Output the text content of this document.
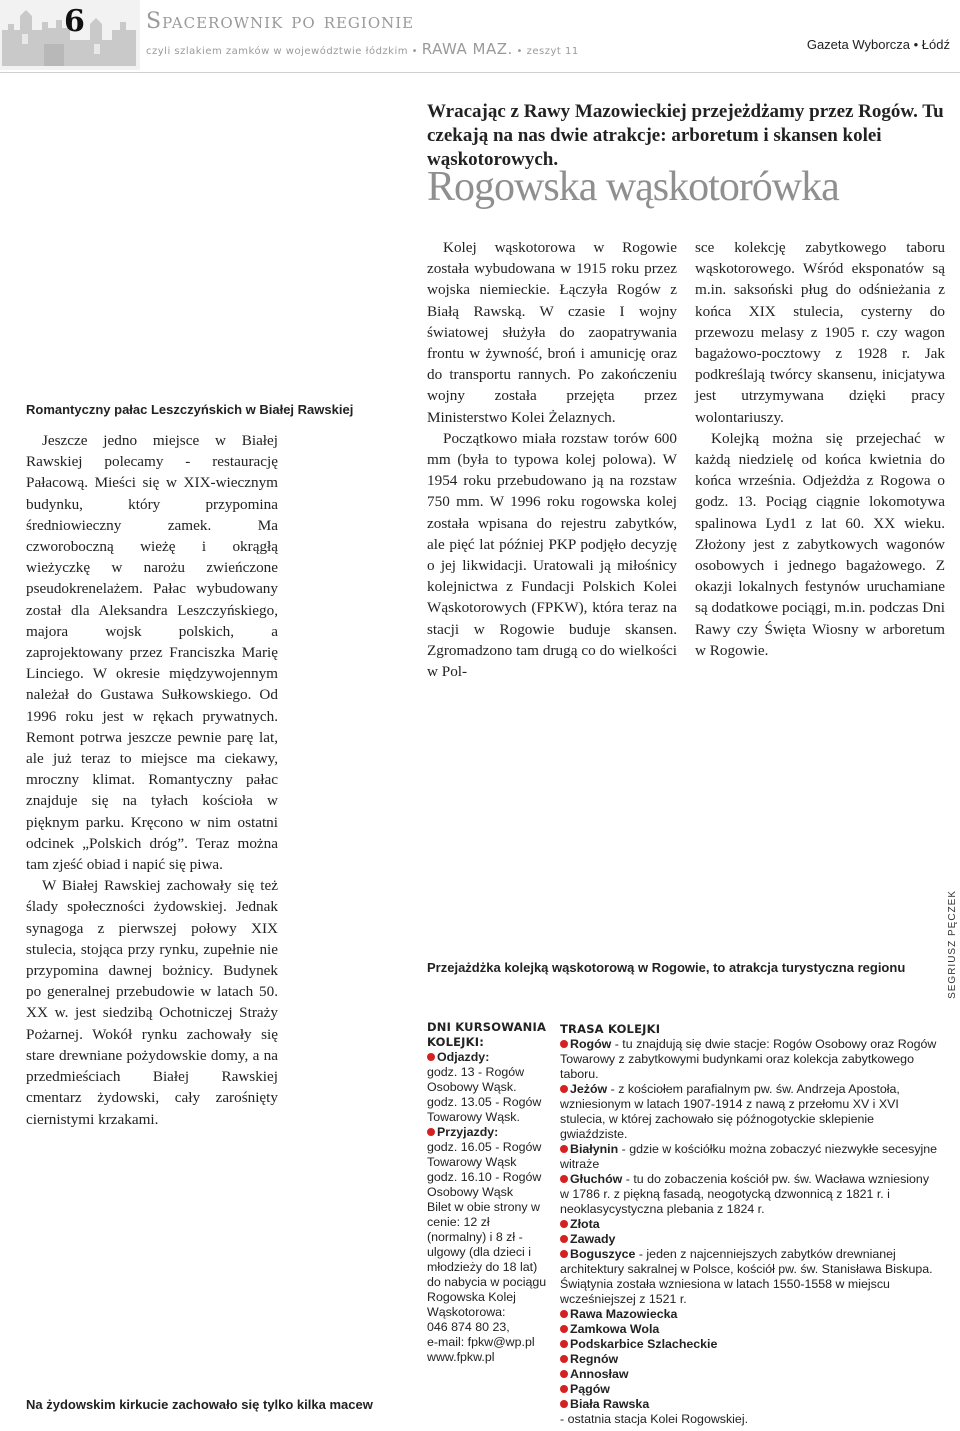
6	Spacerownik po regionie
czyli szlakiem zamków w województwie łódzkim • RAWA MAZ. • zeszyt 11	Gazeta Wyborcza • Łódź
Wracając z Rawy Mazowieckiej przejeżdżamy przez Rogów. Tu czekają na nas dwie atrakcje: arboretum i skansen kolei wąskotorowych.
Rogowska wąskotorówka
Romantyczny pałac Leszczyńskich w Białej Rawskiej
Przejażdżka kolejką wąskotorową w Rogowie, to atrakcja turystyczna regionu
Na żydowskim kirkucie zachowało się tylko kilka macew
SEGRIUSZ PĘCZEK

Jeszcze jedno miejsce w Białej Rawskiej polecamy - restaurację Pałacową. Mieści się w XIX-wiecznym budynku, który przypomina średniowieczny zamek. Ma czworoboczną wieżę i okrągłą wieżyczkę w narożu zwieńczone pseudokrenelażem. Pałac wybudowany został dla Aleksandra Leszczyńskiego, majora wojsk polskich, a zaprojektowany przez Franciszka Marię Linciego. W okresie międzywojennym należał do Gustawa Sułkowskiego. Od 1996 roku jest w rękach prywatnych. Remont potrwa jeszcze pewnie parę lat, ale już teraz to miejsce ma ciekawy, mroczny klimat. Romantyczny pałac znajduje się na tyłach kościoła w pięknym parku. Kręcono w nim ostatni odcinek „Polskich dróg”. Teraz można tam zjeść obiad i napić się piwa.

W Białej Rawskiej zachowały się też ślady społeczności żydowskiej. Jednak synagoga z pierwszej połowy XIX stulecia, stojąca przy rynku, zupełnie nie przypomina dawnej bożnicy. Budynek po generalnej przebudowie w latach 50. XX w. jest siedzibą Ochotniczej Straży Pożarnej. Wokół rynku zachowały się stare drewniane pożydowskie domy, a na przedmieściach Białej Rawskiej cmentarz żydowski, cały zarośnięty ciernistymi krzakami.

Kolej wąskotorowa w Rogowie została wybudowana w 1915 roku przez wojska niemieckie. Łączyła Rogów z Białą Rawską. W czasie I wojny światowej służyła do zaopatrywania frontu w żywność, broń i amunicję oraz do transportu rannych. Po zakończeniu wojny została przejęta przez Ministerstwo Kolei Żelaznych.

Początkowo miała rozstaw torów 600 mm (była to typowa kolej polowa). W 1954 roku przebudowano ją na rozstaw 750 mm. W 1996 roku rogowska kolej została wpisana do rejestru zabytków, ale pięć lat później PKP podjęło decyzję o jej likwidacji. Uratowali ją miłośnicy kolejnictwa z Fundacji Polskich Kolei Wąskotorowych (FPKW), która teraz na stacji w Rogowie buduje skansen. Zgromadzono tam drugą co do wielkości w Pol-

sce kolekcję zabytkowego taboru wąskotorowego. Wśród eksponatów są m.in. saksoński pług do odśnieżania z końca XIX stulecia, cysterny do przewozu melasy z 1905 r. czy wagon bagażowo-pocztowy z 1928 r. Jak podkreślają twórcy skansenu, inicjatywa jest utrzymywana dzięki pracy wolontariuszy.

Kolejką można się przejechać w każdą niedzielę od końca kwietnia do końca września. Odjeżdża z Rogowa o godz. 13. Pociąg ciągnie lokomotywa spalinowa Lyd1 z lat 60. XX wieku. Złożony jest z zabytkowych wagonów osobowych i jednego bagażowego. Z okazji lokalnych festynów uruchamiane są dodatkowe pociągi, m.in. podczas Dni Rawy czy Święta Wiosny w arboretum w Rogowie.

DNI KURSOWANIA KOLEJKI:
Odjazdy:
godz. 13 - Rogów Osobowy Wąsk. godz. 13.05 - Rogów Towarowy Wąsk.
Przyjazdy:
godz. 16.05 - Rogów Towarowy Wąsk godz. 16.10 - Rogów Osobowy Wąsk
Bilet w obie strony w cenie: 12 zł (normalny) i 8 zł - ulgowy (dla dzieci i młodzieży do 18 lat) do nabycia w pociągu Rogowska Kolej Wąskotorowa:
046 874 80 23,
e-mail: fpkw@wp.pl
www.fpkw.pl
TRASA KOLEJKI
Rogów - tu znajdują się dwie stacje: Rogów Osobowy oraz Rogów Towarowy z zabytkowymi budynkami oraz kolekcja zabytkowego taboru.
Jeżów - z kościołem parafialnym pw. św. Andrzeja Apostoła, wzniesionym w latach 1907-1914 z nawą z przełomu XV i XVI stulecia, w której zachowało się późnogotyckie sklepienie gwiaździste.
Białynin - gdzie w kościółku można zobaczyć niezwykłe secesyjne witraże
Głuchów - tu do zobaczenia kościół pw. św. Wacława wzniesiony w 1786 r. z piękną fasadą, neogotycką dzwonnicą z 1821 r. i neoklasycystyczna plebania z 1824 r.
Złota
Zawady
Boguszyce - jeden z najcenniejszych zabytków drewnianej architektury sakralnej w Polsce, kościół pw. św. Stanisława Biskupa. Świątynia została wzniesiona w latach 1550-1558 w miejscu wcześniejszej z 1521 r.
Rawa Mazowiecka
Zamkowa Wola
Podskarbice Szlacheckie
Regnów
Annosław
Pągów
Biała Rawska
- ostatnia stacja Kolei Rogowskiej.
